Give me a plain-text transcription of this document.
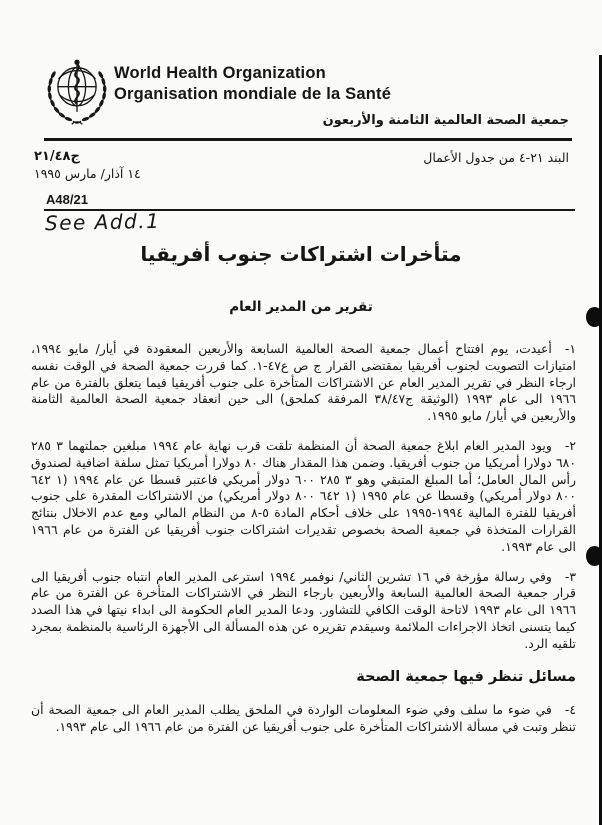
World Health Organization
Organisation mondiale de la Santé
جمعية الصحة العالمية الثامنة والأربعون
البند ٢١-٤ من جدول الأعمال
ج٢١/٤٨
١٤ آذار/ مارس ١٩٩٥
A48/21
See Add.1
متأخرات اشتراكات جنوب أفريقيا
تقرير من المدير العام

١-أعيدت، يوم افتتاح أعمال جمعية الصحة العالمية السابعة والأربعين المعقودة في أيار/ مايو ١٩٩٤، امتيازات التصويت لجنوب أفريقيا بمقتضى القرار ج ص ع٤٧-١. كما قررت جمعية الصحة في الوقت نفسه ارجاء النظر في تقرير المدير العام عن الاشتراكات المتأخرة على جنوب أفريقيا فيما يتعلق بالفترة من عام ١٩٦٦ الى عام ١٩٩٣ (الوثيقة ج٣٨/٤٧ المرفقة كملحق) الى حين انعقاد جمعية الصحة العالمية الثامنة والأربعين في أيار/ مايو ١٩٩٥.

٢-ويود المدير العام ابلاغ جمعية الصحة أن المنظمة تلقت قرب نهاية عام ١٩٩٤ مبلغين جملتهما ٣ ٢٨٥ ٦٨٠ دولارا أمريكيا من جنوب أفريقيا. وضمن هذا المقدار هناك ٨٠ دولارا أمريكيا تمثل سلفة اضافية لصندوق رأس المال العامل؛ أما المبلغ المتبقي وهو ٣ ٢٨٥ ٦٠٠ دولار أمريكي فاعتبر قسطا عن عام ١٩٩٤ (١ ٦٤٢ ٨٠٠ دولار أمريكي) وقسطا عن عام ١٩٩٥ (١ ٦٤٢ ٨٠٠ دولار أمريكي) من الاشتراكات المقدرة على جنوب أفريقيا للفترة المالية ١٩٩٤-١٩٩٥ على خلاف أحكام المادة ٥-٨ من النظام المالي ومع عدم الاخلال بنتائج القرارات المتخذة في جمعية الصحة بخصوص تقديرات اشتراكات جنوب أفريقيا عن الفترة من عام ١٩٦٦ الى عام ١٩٩٣.

٣-وفي رسالة مؤرخة في ١٦ تشرين الثاني/ نوفمبر ١٩٩٤ استرعى المدير العام انتباه جنوب أفريقيا الى قرار جمعية الصحة العالمية السابعة والأربعين بارجاء النظر في الاشتراكات المتأخرة عن الفترة من عام ١٩٦٦ الى عام ١٩٩٣ لاتاحة الوقت الكافي للتشاور. ودعا المدير العام الحكومة الى ابداء نيتها في هذا الصدد كيما يتسنى اتخاذ الاجراءات الملائمة وسيقدم تقريره عن هذه المسألة الى الأجهزة الرئاسية بالمنظمة بمجرد تلقيه الرد.

مسائل تنظر فيها جمعية الصحة

٤-في ضوء ما سلف وفي ضوء المعلومات الواردة في الملحق يطلب المدير العام الى جمعية الصحة أن تنظر وتبت في مسألة الاشتراكات المتأخرة على جنوب أفريقيا عن الفترة من عام ١٩٦٦ الى عام ١٩٩٣.
